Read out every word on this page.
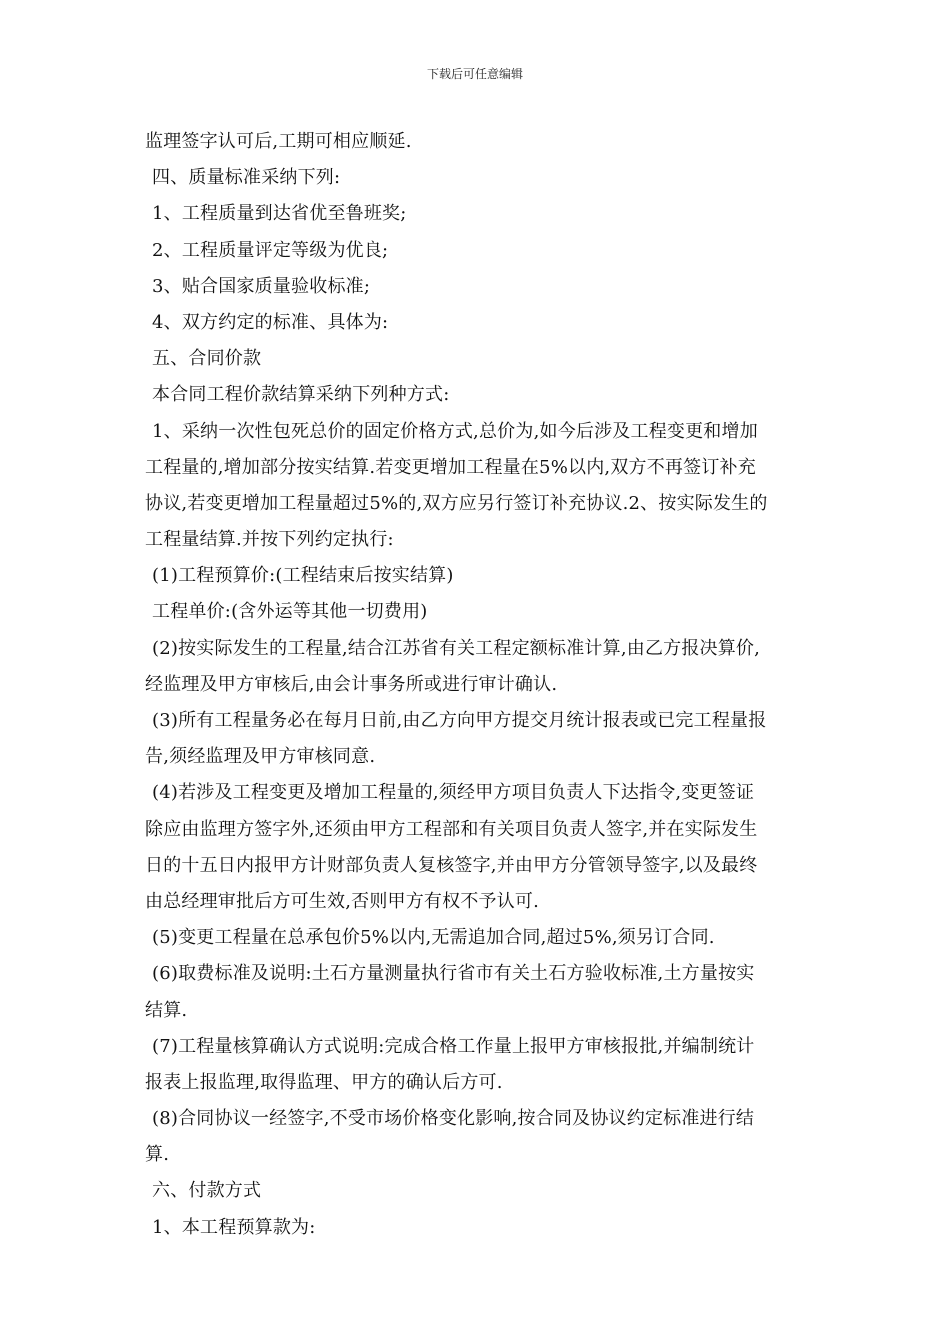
下载后可任意编辑
监理签字认可后,工期可相应顺延.
四、质量标准采纳下列:
1、工程质量到达省优至鲁班奖;
2、工程质量评定等级为优良;
3、贴合国家质量验收标准;
4、双方约定的标准、具体为:
五、合同价款
本合同工程价款结算采纳下列种方式:
1、采纳一次性包死总价的固定价格方式,总价为,如今后涉及工程变更和增加
工程量的,增加部分按实结算.若变更增加工程量在5%以内,双方不再签订补充
协议,若变更增加工程量超过5%的,双方应另行签订补充协议.2、按实际发生的
工程量结算.并按下列约定执行:
(1)工程预算价:(工程结束后按实结算)
工程单价:(含外运等其他一切费用)
(2)按实际发生的工程量,结合江苏省有关工程定额标准计算,由乙方报决算价,
经监理及甲方审核后,由会计事务所或进行审计确认.
(3)所有工程量务必在每月日前,由乙方向甲方提交月统计报表或已完工程量报
告,须经监理及甲方审核同意.
(4)若涉及工程变更及增加工程量的,须经甲方项目负责人下达指令,变更签证
除应由监理方签字外,还须由甲方工程部和有关项目负责人签字,并在实际发生
日的十五日内报甲方计财部负责人复核签字,并由甲方分管领导签字,以及最终
由总经理审批后方可生效,否则甲方有权不予认可.
(5)变更工程量在总承包价5%以内,无需追加合同,超过5%,须另订合同.
(6)取费标准及说明:土石方量测量执行省市有关土石方验收标准,土方量按实
结算.
(7)工程量核算确认方式说明:完成合格工作量上报甲方审核报批,并编制统计
报表上报监理,取得监理、甲方的确认后方可.
(8)合同协议一经签字,不受市场价格变化影响,按合同及协议约定标准进行结
算.
六、付款方式
1、本工程预算款为:
